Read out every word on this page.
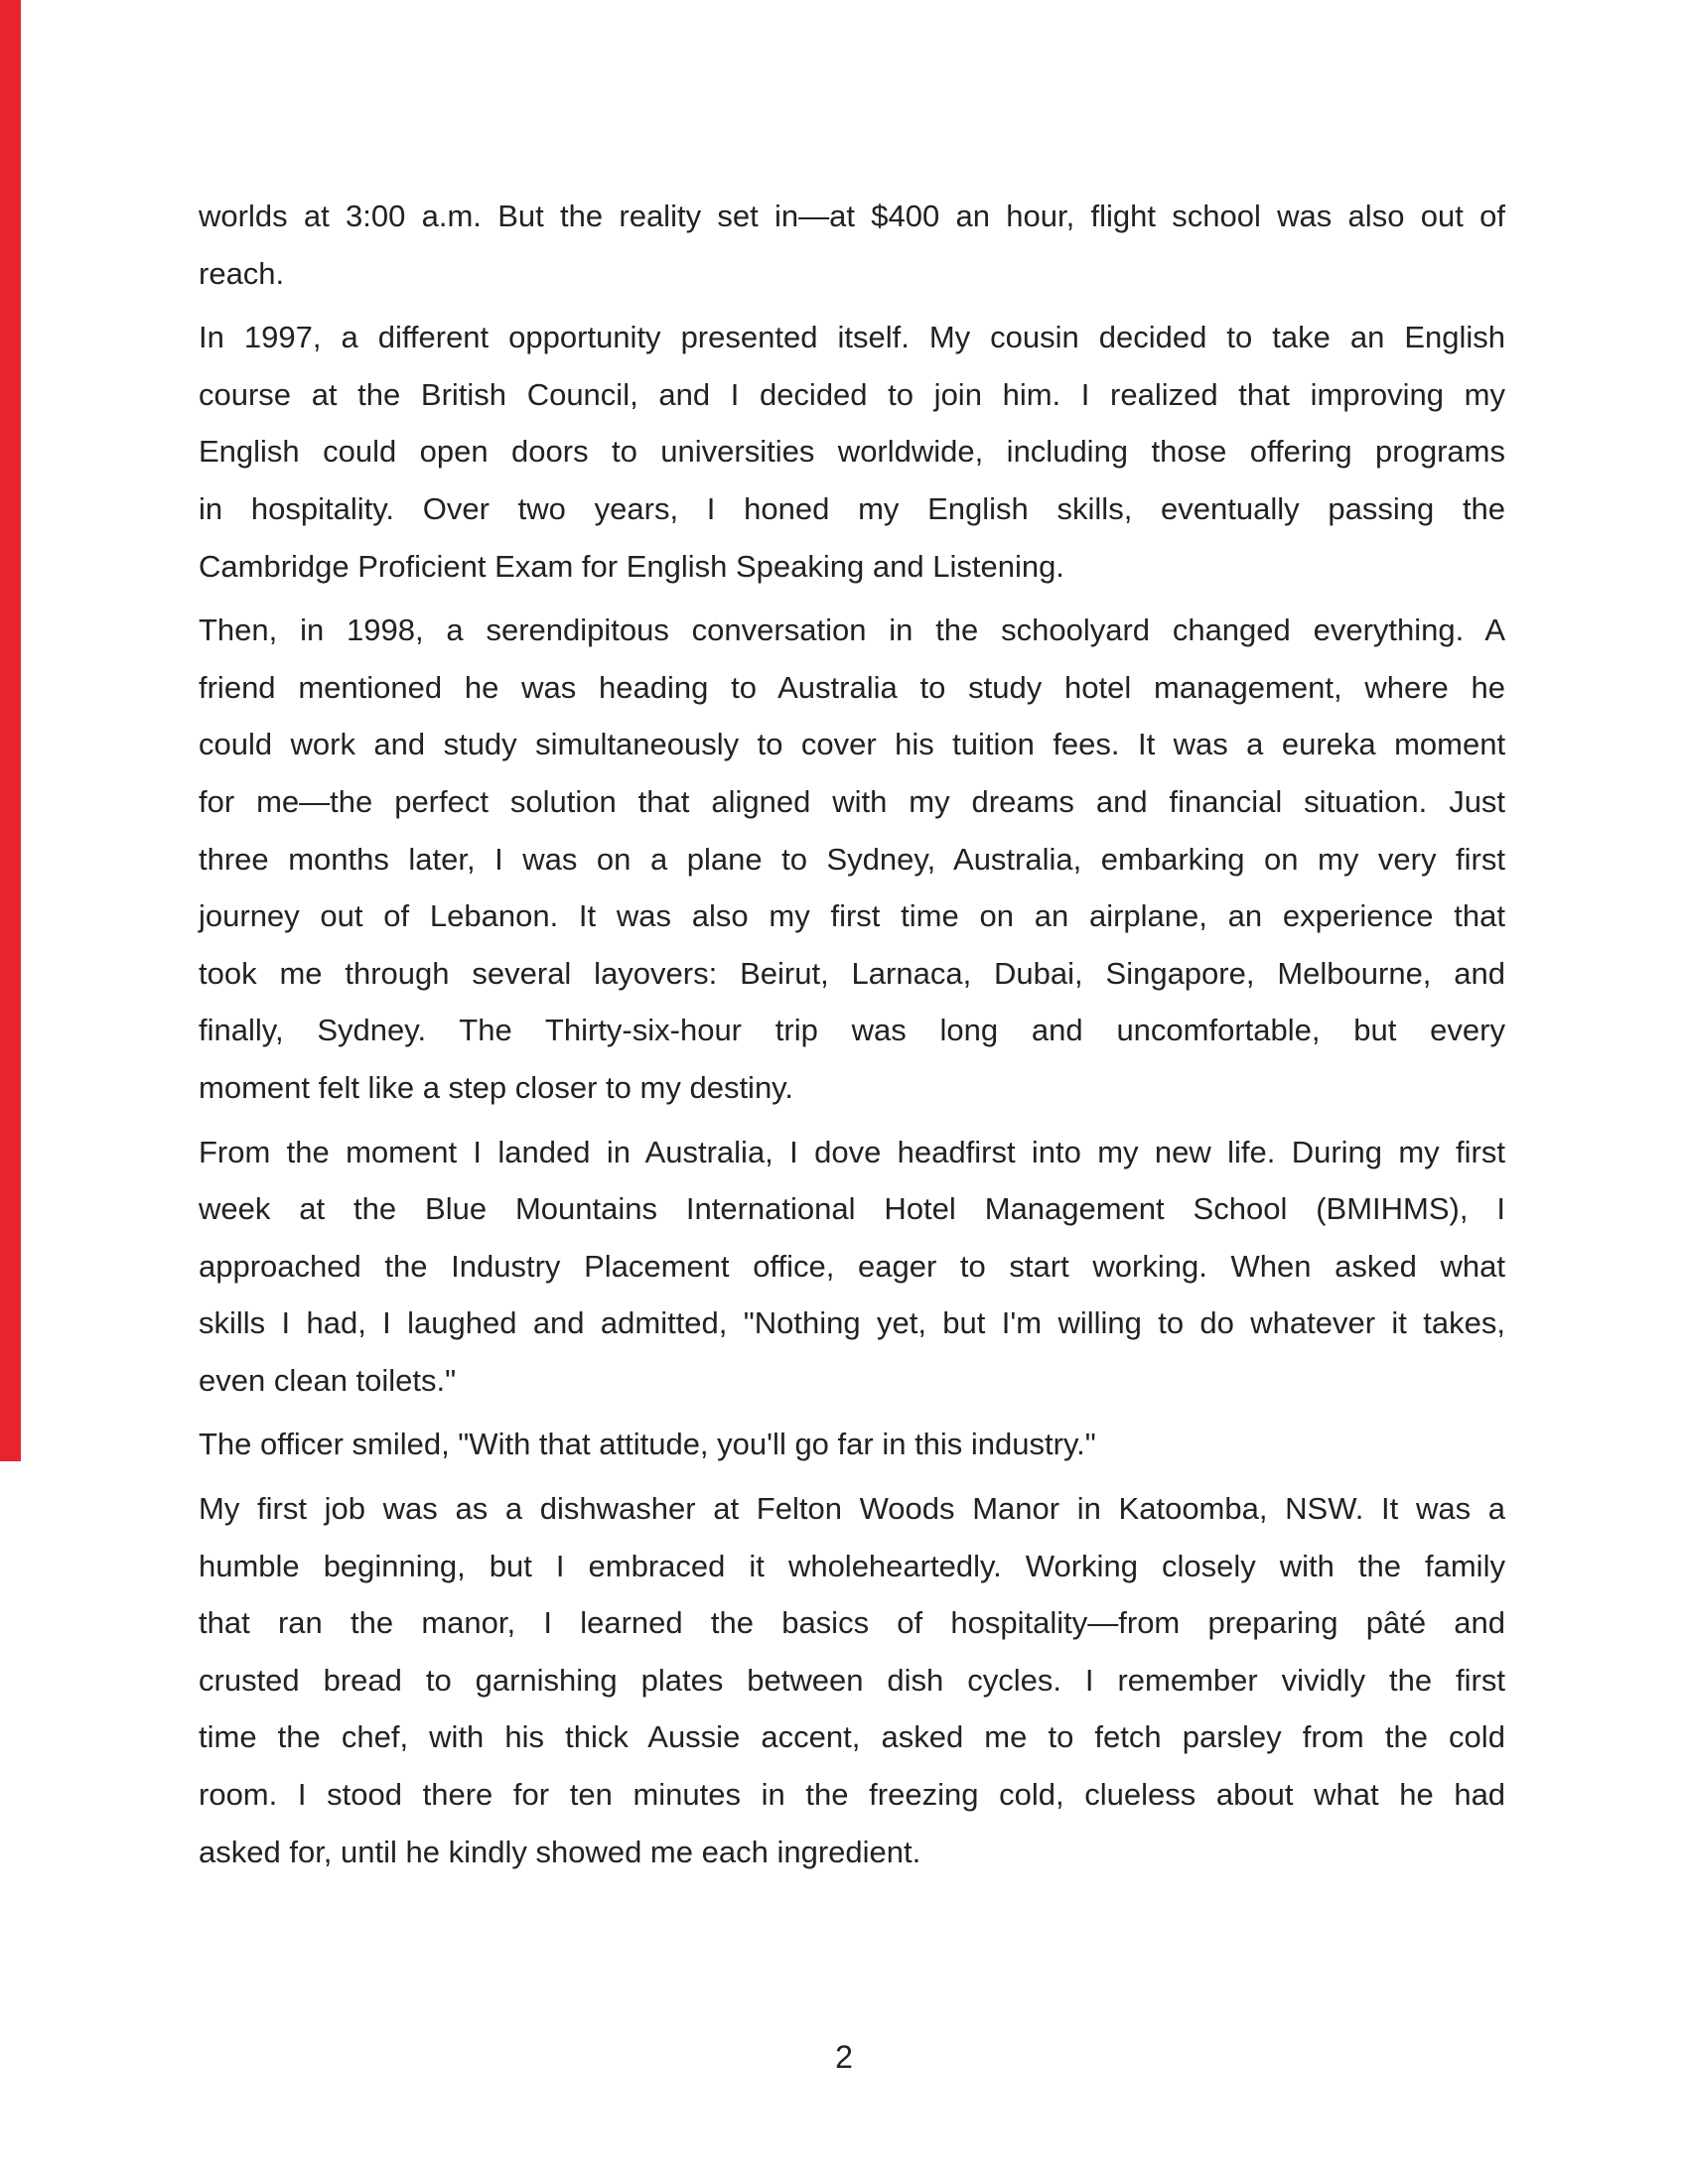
worlds at 3:00 a.m. But the reality set in—at $400 an hour, flight school was also out of
reach.
In 1997, a different opportunity presented itself. My cousin decided to take an English
course at the British Council, and I decided to join him. I realized that improving my
English could open doors to universities worldwide, including those offering programs
in hospitality. Over two years, I honed my English skills, eventually passing the
Cambridge Proficient Exam for English Speaking and Listening.
Then, in 1998, a serendipitous conversation in the schoolyard changed everything. A
friend mentioned he was heading to Australia to study hotel management, where he
could work and study simultaneously to cover his tuition fees. It was a eureka moment
for me—the perfect solution that aligned with my dreams and financial situation. Just
three months later, I was on a plane to Sydney, Australia, embarking on my very first
journey out of Lebanon. It was also my first time on an airplane, an experience that
took me through several layovers: Beirut, Larnaca, Dubai, Singapore, Melbourne, and
finally, Sydney. The Thirty-six-hour trip was long and uncomfortable, but every
moment felt like a step closer to my destiny.
From the moment I landed in Australia, I dove headfirst into my new life. During my first
week at the Blue Mountains International Hotel Management School (BMIHMS), I
approached the Industry Placement office, eager to start working. When asked what
skills I had, I laughed and admitted, "Nothing yet, but I'm willing to do whatever it takes,
even clean toilets."
The officer smiled, "With that attitude, you'll go far in this industry."
My first job was as a dishwasher at Felton Woods Manor in Katoomba, NSW. It was a
humble beginning, but I embraced it wholeheartedly. Working closely with the family
that ran the manor, I learned the basics of hospitality—from preparing pâté and
crusted bread to garnishing plates between dish cycles. I remember vividly the first
time the chef, with his thick Aussie accent, asked me to fetch parsley from the cold
room. I stood there for ten minutes in the freezing cold, clueless about what he had
asked for, until he kindly showed me each ingredient.
2
